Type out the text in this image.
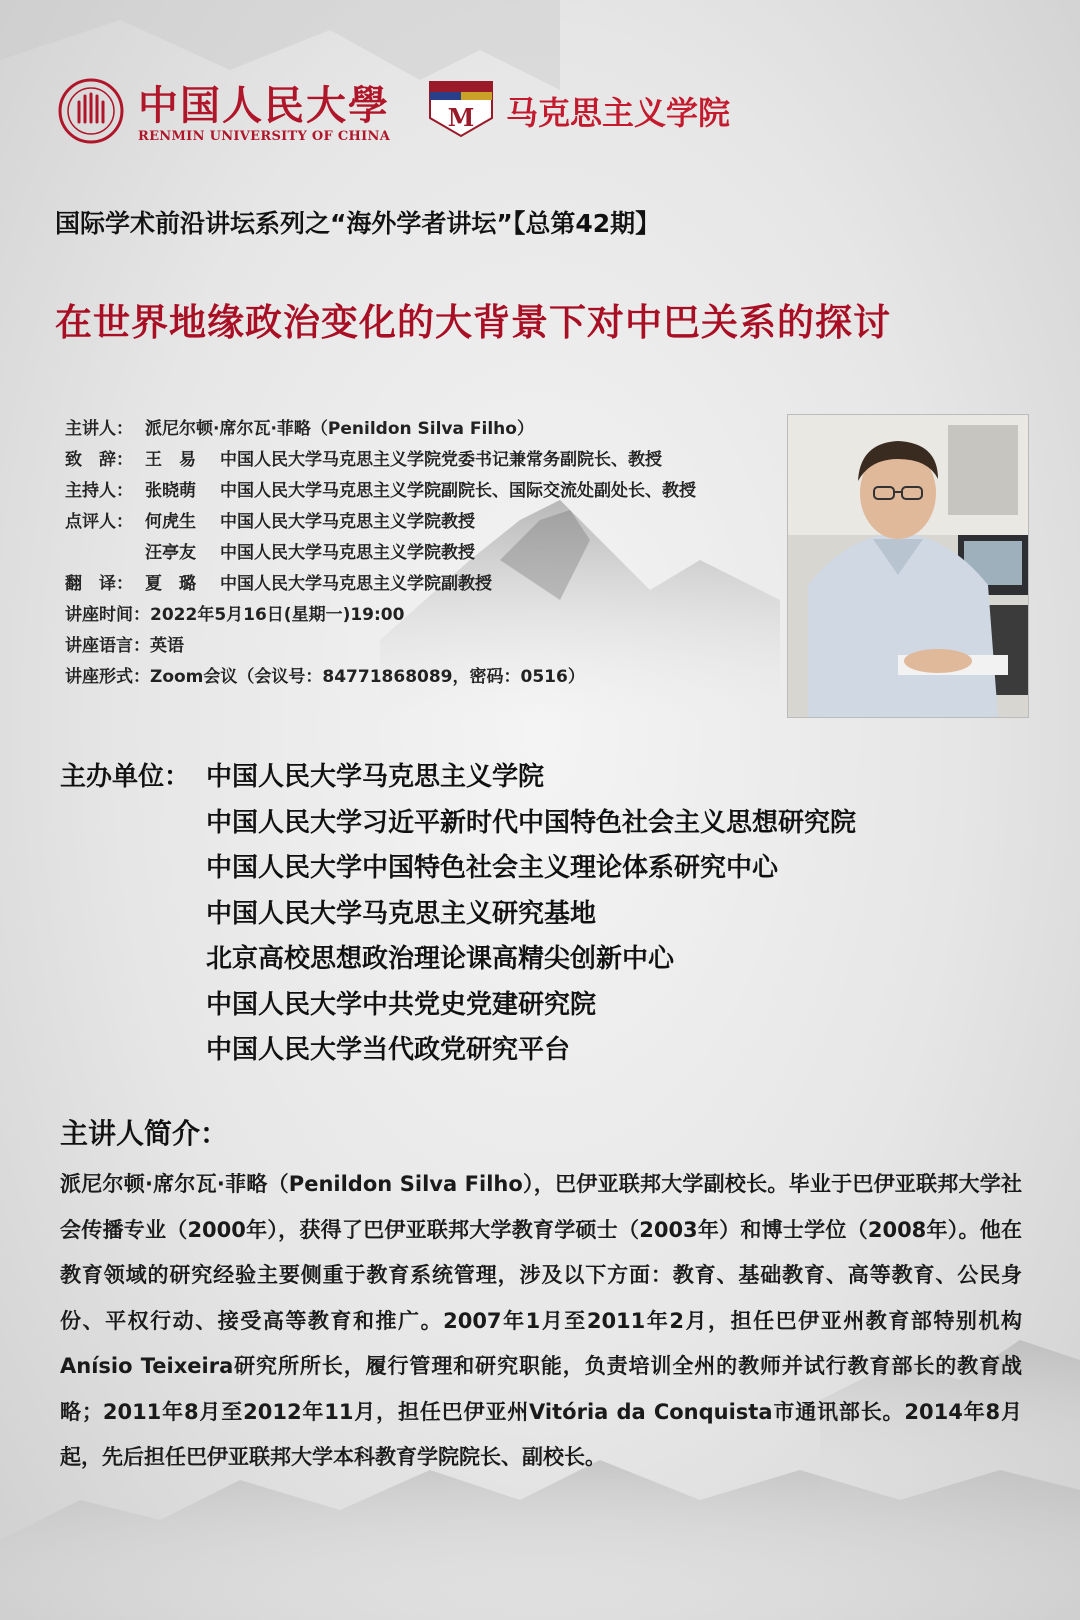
中国人民大學
RENMIN UNIVERSITY OF CHINA
M 马克思主义学院
国际学术前沿讲坛系列之“海外学者讲坛”【总第42期】
在世界地缘政治变化的大背景下对中巴关系的探讨
主讲人： 派尼尔顿·席尔瓦·菲略（Penildon Silva Filho）
致　辞： 王　易 中国人民大学马克思主义学院党委书记兼常务副院长、教授
主持人： 张晓萌 中国人民大学马克思主义学院副院长、国际交流处副处长、教授
点评人： 何虎生 中国人民大学马克思主义学院教授
汪亭友 中国人民大学马克思主义学院教授
翻　译： 夏　璐 中国人民大学马克思主义学院副教授
讲座时间：2022年5月16日(星期一)19:00
讲座语言：英语
讲座形式：Zoom会议（会议号：84771868089，密码：0516）
主办单位： 中国人民大学马克思主义学院
中国人民大学习近平新时代中国特色社会主义思想研究院
中国人民大学中国特色社会主义理论体系研究中心
中国人民大学马克思主义研究基地
北京高校思想政治理论课高精尖创新中心
中国人民大学中共党史党建研究院
中国人民大学当代政党研究平台
主讲人简介：
派尼尔顿·席尔瓦·菲略（Penildon Silva Filho），巴伊亚联邦大学副校长。毕业于巴伊亚联邦大学社会传播专业（2000年），获得了巴伊亚联邦大学教育学硕士（2003年）和博士学位（2008年）。他在教育领域的研究经验主要侧重于教育系统管理，涉及以下方面：教育、基础教育、高等教育、公民身份、平权行动、接受高等教育和推广。2007年1月至2011年2月，担任巴伊亚州教育部特别机构Anísio Teixeira研究所所长，履行管理和研究职能，负责培训全州的教师并试行教育部长的教育战略；2011年8月至2012年11月，担任巴伊亚州Vitória da Conquista市通讯部长。2014年8月起，先后担任巴伊亚联邦大学本科教育学院院长、副校长。
